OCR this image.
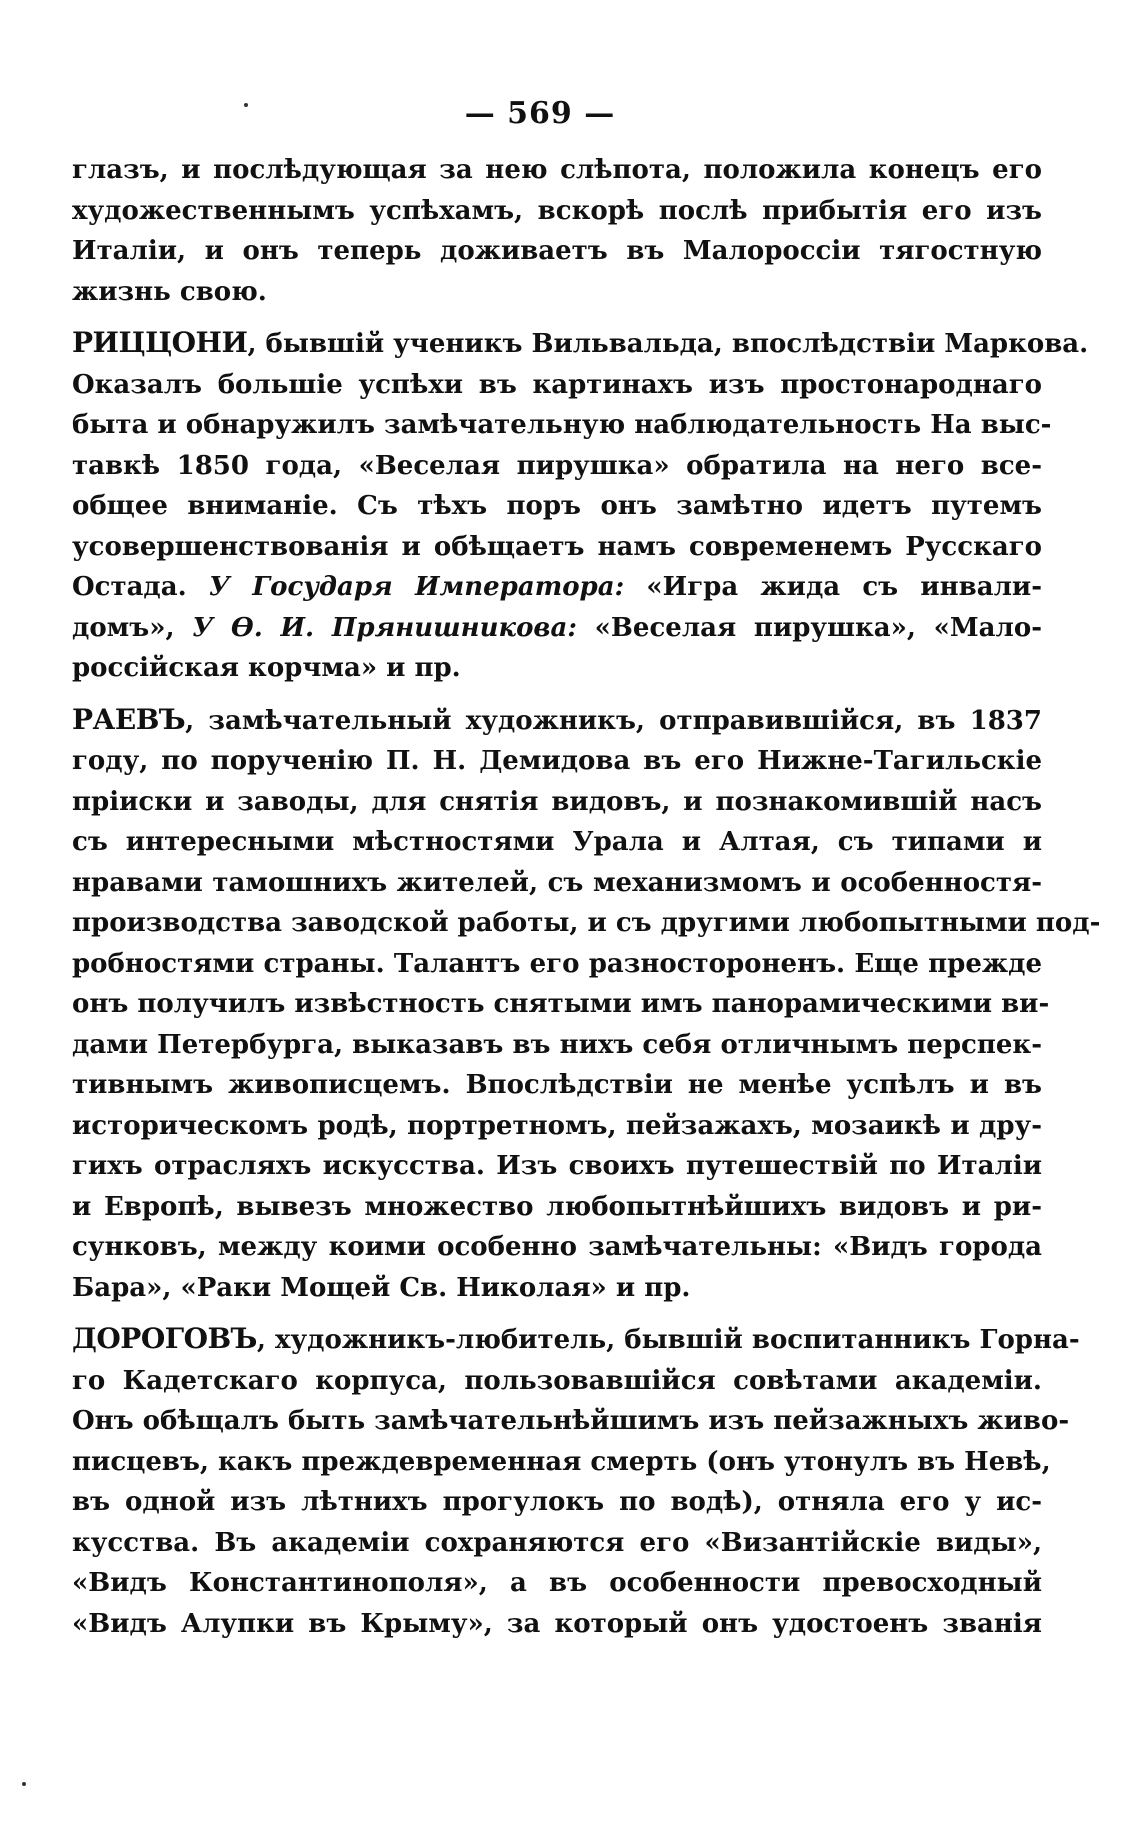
— 569 —
глазъ, и послѣдующая за нею слѣпота, положила конецъ его
художественнымъ успѣхамъ, вскорѣ послѣ прибытія его изъ
Италіи, и онъ теперь доживаетъ въ Малороссіи тягостную
жизнь свою.
РИЦЦОНИ, бывшій ученикъ Вильвальда, впослѣдствіи Маркова.
Оказалъ большіе успѣхи въ картинахъ изъ простонароднаго
быта и обнаружилъ замѣчательную наблюдательность На выс-
тавкѣ 1850 года, «Веселая пирушка» обратила на него все-
общее вниманіе. Съ тѣхъ поръ онъ замѣтно идетъ путемъ
усовершенствованія и обѣщаетъ намъ современемъ Русскаго
Остада. У Государя Императора: «Игра жида съ инвали-
домъ», У Ѳ. И. Прянишникова: «Веселая пирушка», «Мало-
россійская корчма» и пр.
РАЕВЪ, замѣчательный художникъ, отправившійся, въ 1837
году, по порученію П. Н. Демидова въ его Нижне-Тагильскіе
пріиски и заводы, для снятія видовъ, и познакомившій насъ
съ интересными мѣстностями Урала и Алтая, съ типами и
нравами тамошнихъ жителей, съ механизмомъ и особенностя-
производства заводской работы, и съ другими любопытными под-
робностями страны. Талантъ его разностороненъ. Еще прежде
онъ получилъ извѣстность снятыми имъ панорамическими ви-
дами Петербурга, выказавъ въ нихъ себя отличнымъ перспек-
тивнымъ живописцемъ. Впослѣдствіи не менѣе успѣлъ и въ
историческомъ родѣ, портретномъ, пейзажахъ, мозаикѣ и дру-
гихъ отрасляхъ искусства. Изъ своихъ путешествій по Италіи
и Европѣ, вывезъ множество любопытнѣйшихъ видовъ и ри-
сунковъ, между коими особенно замѣчательны: «Видъ города
Бара», «Раки Мощей Св. Николая» и пр.
ДОРОГОВЪ, художникъ-любитель, бывшій воспитанникъ Горна-
го Кадетскаго корпуса, пользовавшійся совѣтами академіи.
Онъ обѣщалъ быть замѣчательнѣйшимъ изъ пейзажныхъ живо-
писцевъ, какъ преждевременная смерть (онъ утонулъ въ Невѣ,
въ одной изъ лѣтнихъ прогулокъ по водѣ), отняла его у ис-
кусства. Въ академіи сохраняются его «Византійскіе виды»,
«Видъ Константинополя», а въ особенности превосходный
«Видъ Алупки въ Крыму», за который онъ удостоенъ званія
